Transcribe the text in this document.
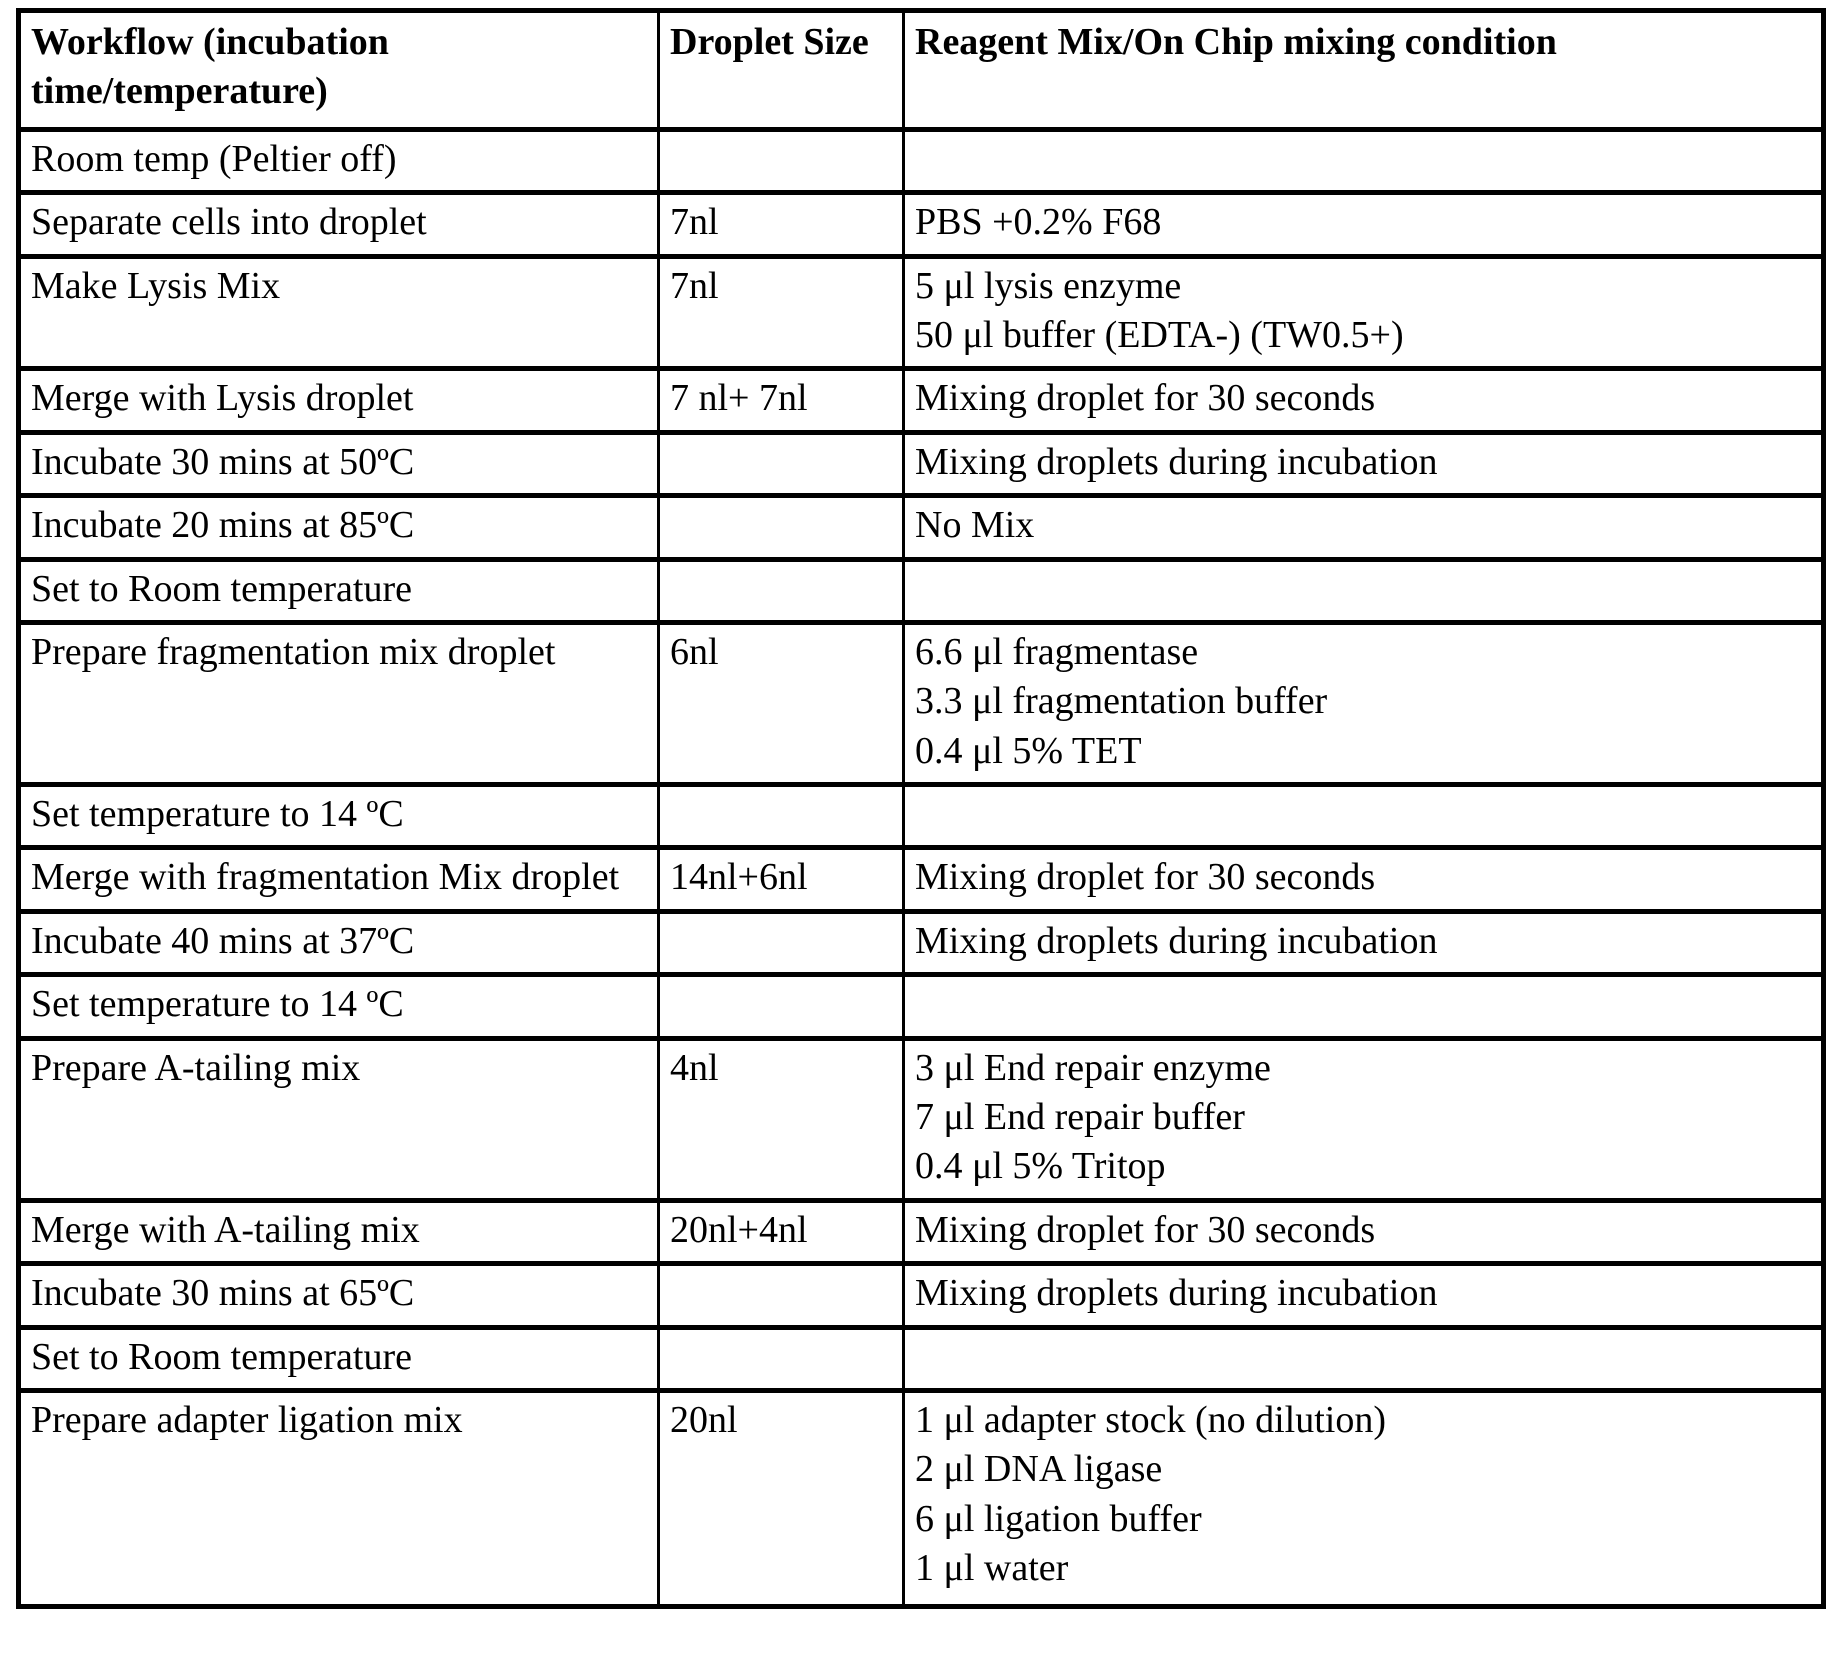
Workflow (incubation time/temperature)	Droplet Size	Reagent Mix/On Chip mixing condition
Room temp (Peltier off)		
Separate cells into droplet	7nl	PBS +0.2% F68
Make Lysis Mix	7nl	5 μl lysis enzyme
50 μl buffer (EDTA-) (TW0.5+)
Merge with Lysis droplet	7 nl+ 7nl	Mixing droplet for 30 seconds
Incubate 30 mins at 50ºC		Mixing droplets during incubation
Incubate 20 mins at 85ºC		No Mix
Set to Room temperature		
Prepare fragmentation mix droplet	6nl	6.6 μl fragmentase
3.3 μl fragmentation buffer
0.4 μl 5% TET
Set temperature to 14 ºC		
Merge with fragmentation Mix droplet	14nl+6nl	Mixing droplet for 30 seconds
Incubate 40 mins at 37ºC		Mixing droplets during incubation
Set temperature to 14 ºC		
Prepare A-tailing mix	4nl	3 μl End repair enzyme
7 μl End repair buffer
0.4 μl 5% Tritop
Merge with A-tailing mix	20nl+4nl	Mixing droplet for 30 seconds
Incubate 30 mins at 65ºC		Mixing droplets during incubation
Set to Room temperature		
Prepare adapter ligation mix	20nl	1 μl adapter stock (no dilution)
2 μl DNA ligase
6 μl ligation buffer
1 μl water
